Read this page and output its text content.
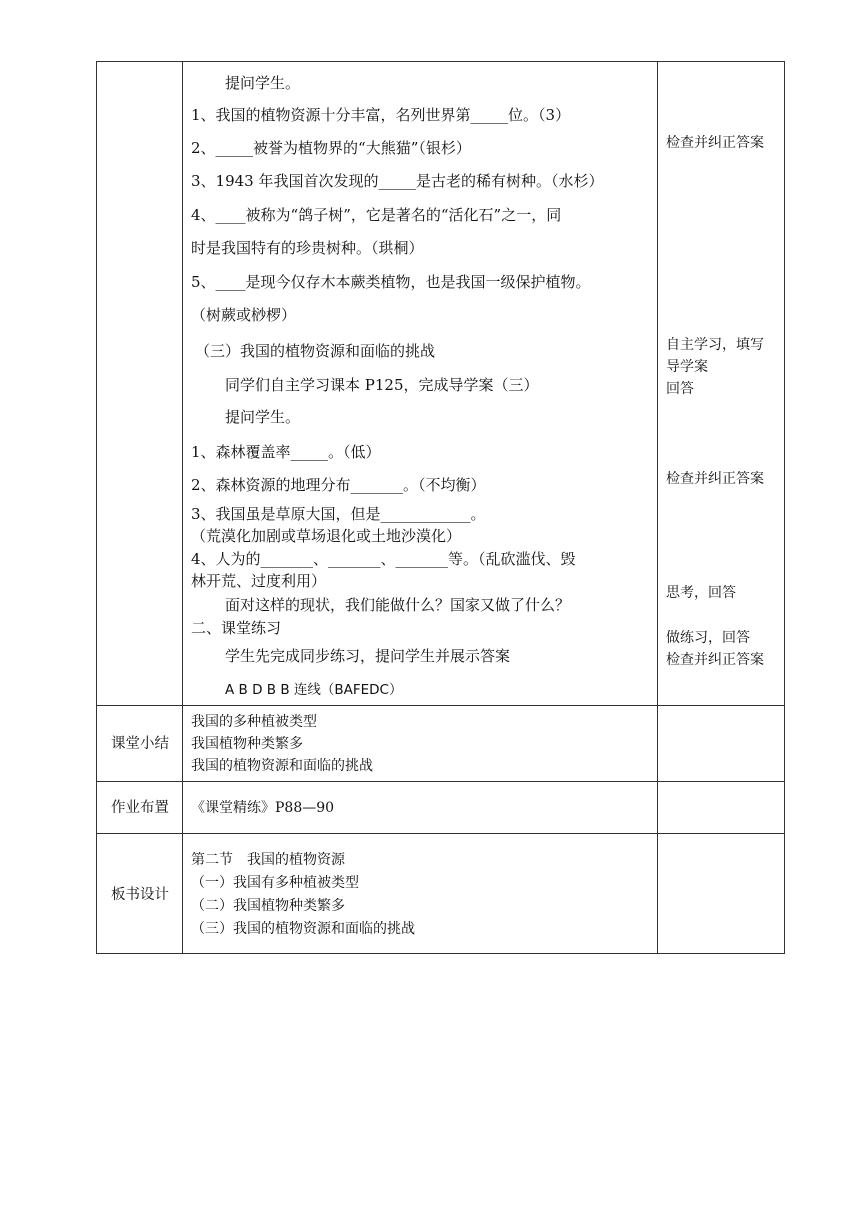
提问学生。
1、我国的植物资源十分丰富，名列世界第_____位。（3）
2、_____被誉为植物界的“大熊猫”（银杉）
3、1943 年我国首次发现的_____是古老的稀有树种。（水杉）
4、____被称为“鸽子树”，它是著名的“活化石”之一，同
时是我国特有的珍贵树种。（珙桐）
5、____是现今仅存木本蕨类植物，也是我国一级保护植物。
（树蕨或桫椤）
（三）我国的植物资源和面临的挑战
同学们自主学习课本 P125，完成导学案（三）
提问学生。
1、森林覆盖率_____。（低）
2、森林资源的地理分布_______。（不均衡）
3、我国虽是草原大国，但是____________。
（荒漠化加剧或草场退化或土地沙漠化）
4、人为的_______、_______、_______等。（乱砍滥伐、毁
林开荒、过度利用）
面对这样的现状，我们能做什么？国家又做了什么？
二、课堂练习
学生先完成同步练习，提问学生并展示答案
A B D B B 连线（BAFEDC）
检查并纠正答案
自主学习，填写
导学案
回答
检查并纠正答案
思考，回答
做练习，回答
检查并纠正答案
课堂小结
我国的多种植被类型
我国植物种类繁多
我国的植物资源和面临的挑战
作业布置	《课堂精练》P88—90
板书设计
第二节　我国的植物资源
（一）我国有多种植被类型
（二）我国植物种类繁多
（三）我国的植物资源和面临的挑战
